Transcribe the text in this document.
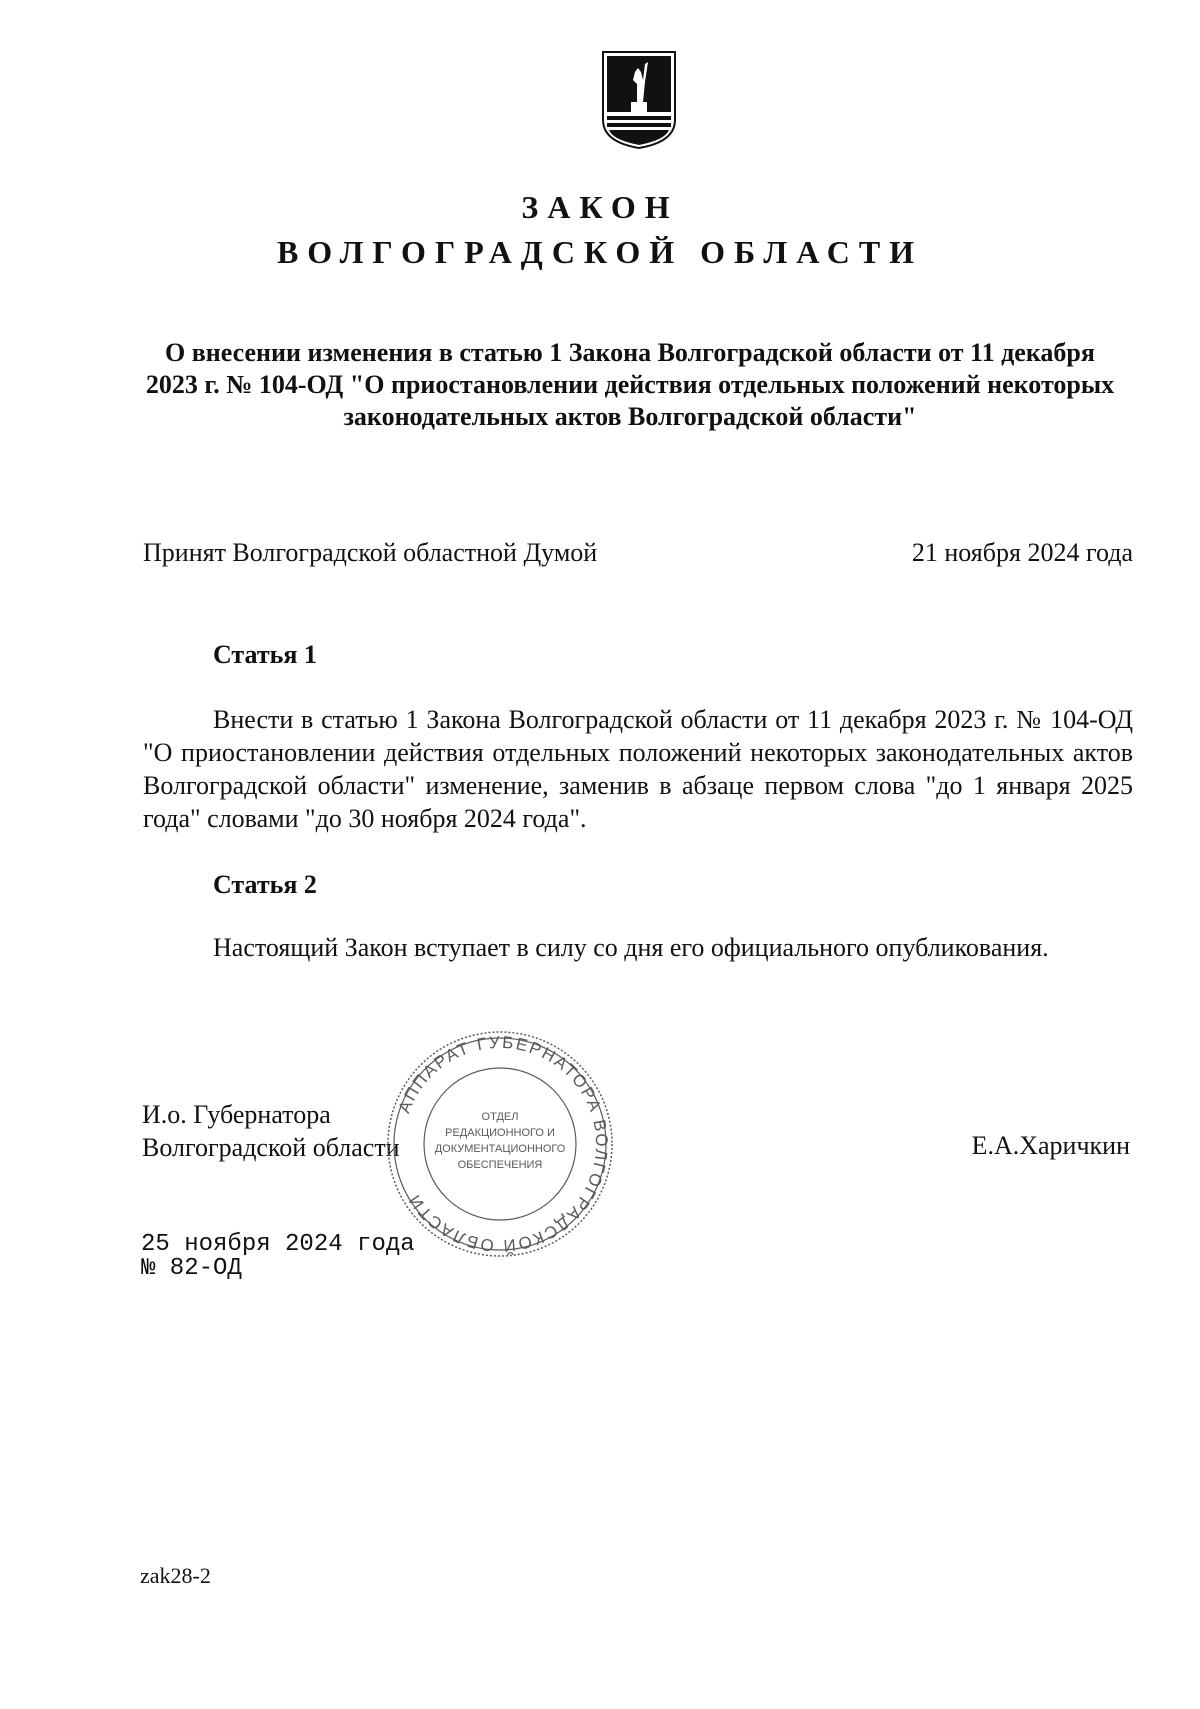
ЗАКОН
ВОЛГОГРАДСКОЙ ОБЛАСТИ
О внесении изменения в статью 1 Закона Волгоградской области от 11 декабря 2023 г. № 104-ОД "О приостановлении действия отдельных положений некоторых законодательных актов Волгоградской области"
Принят Волгоградской областной Думой	21 ноября 2024 года
Статья 1
Внести в статью 1 Закона Волгоградской области от 11 декабря 2023 г. № 104-ОД "О приостановлении действия отдельных положений некоторых законодательных актов Волгоградской области" изменение, заменив в абзаце первом слова "до 1 января 2025 года" словами "до 30 ноября 2024 года".
Статья 2
Настоящий Закон вступает в силу со дня его официального опубликования.
И.о. Губернатора
Волгоградской области	Е.А.Харичкин
АППАРАТ ГУБЕРНАТОРА ВОЛГОГРАДСКОЙ ОБЛАСТИ
ОТДЕЛ
РЕДАКЦИОННОГО И
ДОКУМЕНТАЦИОННОГО
ОБЕСПЕЧЕНИЯ
25 ноября 2024 года
№ 82-ОД
zak28-2
